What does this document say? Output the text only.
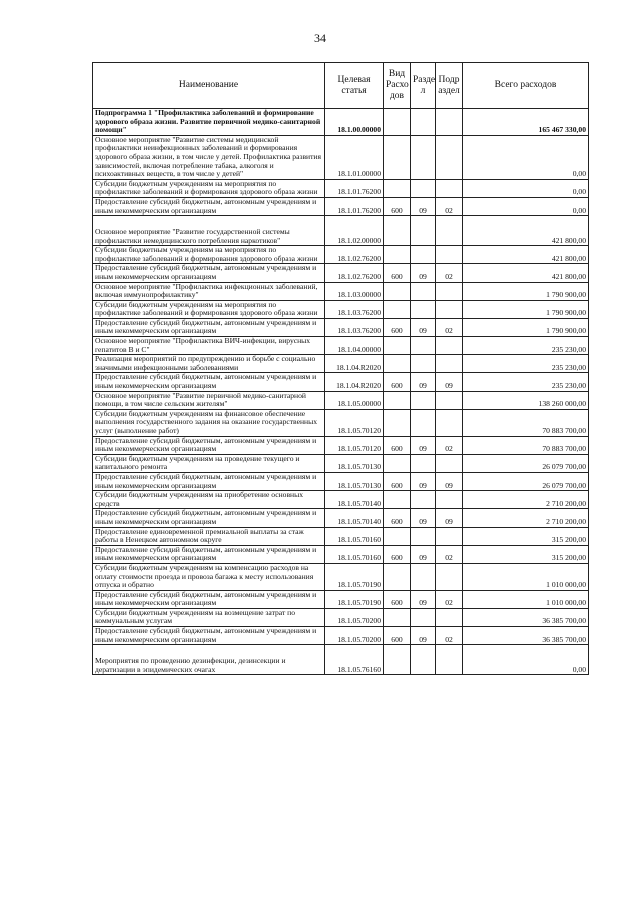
34
Наименование	Целевая статья	Вид Расхо дов	Разде л	Подр аздел	Всего расходов
Подпрограмма 1 "Профилактика заболеваний и формирование здорового образа жизни. Развитие первичной медико-санитарной помощи"	18.1.00.00000				165 467 330,00
Основное мероприятие "Развитие системы медицинской профилактики неинфекционных заболеваний и формирования здорового образа жизни, в том числе у детей. Профилактика развития зависимостей, включая потребление табака, алкоголя и психоактивных веществ, в том числе у детей"	18.1.01.00000				0,00
Субсидии бюджетным учреждениям на мероприятия по профилактике заболеваний и формирования здорового образа жизни	18.1.01.76200				0,00
Предоставление субсидий бюджетным, автономным учреждениям и иным некоммерческим организациям	18.1.01.76200	600	09	02	0,00
Основное мероприятие "Развитие государственной системы профилактики немедицинского потребления наркотиков"	18.1.02.00000				421 800,00
Субсидии бюджетным учреждениям на мероприятия по профилактике заболеваний и формирования здорового образа жизни	18.1.02.76200				421 800,00
Предоставление субсидий бюджетным, автономным учреждениям и иным некоммерческим организациям	18.1.02.76200	600	09	02	421 800,00
Основное мероприятие "Профилактика инфекционных заболеваний, включая иммунопрофилактику"	18.1.03.00000				1 790 900,00
Субсидии бюджетным учреждениям на мероприятия по профилактике заболеваний и формирования здорового образа жизни	18.1.03.76200				1 790 900,00
Предоставление субсидий бюджетным, автономным учреждениям и иным некоммерческим организациям	18.1.03.76200	600	09	02	1 790 900,00
Основное мероприятие "Профилактика ВИЧ-инфекции, вирусных гепатитов В и С"	18.1.04.00000				235 230,00
Реализация мероприятий по предупреждению и борьбе с социально значимыми инфекционными заболеваниями	18.1.04.R2020				235 230,00
Предоставление субсидий бюджетным, автономным учреждениям и иным некоммерческим организациям	18.1.04.R2020	600	09	09	235 230,00
Основное мероприятие "Развитие первичной медико-санитарной помощи, в том числе сельским жителям"	18.1.05.00000				138 260 000,00
Субсидии бюджетным учреждениям на финансовое обеспечение выполнения государственного задания на оказание государственных услуг (выполнение работ)	18.1.05.70120				70 883 700,00
Предоставление субсидий бюджетным, автономным учреждениям и иным некоммерческим организациям	18.1.05.70120	600	09	02	70 883 700,00
Субсидии бюджетным учреждениям на проведение текущего и капитального ремонта	18.1.05.70130				26 079 700,00
Предоставление субсидий бюджетным, автономным учреждениям и иным некоммерческим организациям	18.1.05.70130	600	09	09	26 079 700,00
Субсидии бюджетным учреждениям на приобретение основных средств	18.1.05.70140				2 710 200,00
Предоставление субсидий бюджетным, автономным учреждениям и иным некоммерческим организациям	18.1.05.70140	600	09	09	2 710 200,00
Предоставление единовременной премиальной выплаты за стаж работы в Ненецком автономном округе	18.1.05.70160				315 200,00
Предоставление субсидий бюджетным, автономным учреждениям и иным некоммерческим организациям	18.1.05.70160	600	09	02	315 200,00
Субсидии бюджетным учреждениям на компенсацию расходов на оплату стоимости проезда и провоза багажа к месту использования отпуска и обратно	18.1.05.70190				1 010 000,00
Предоставление субсидий бюджетным, автономным учреждениям и иным некоммерческим организациям	18.1.05.70190	600	09	02	1 010 000,00
Субсидии бюджетным учреждениям на возмещение затрат по коммунальным услугам	18.1.05.70200				36 385 700,00
Предоставление субсидий бюджетным, автономным учреждениям и иным некоммерческим организациям	18.1.05.70200	600	09	02	36 385 700,00
Мероприятия по проведению дезинфекции, дезинсекции и дератизации в эпидемических очагах	18.1.05.76160				0,00
